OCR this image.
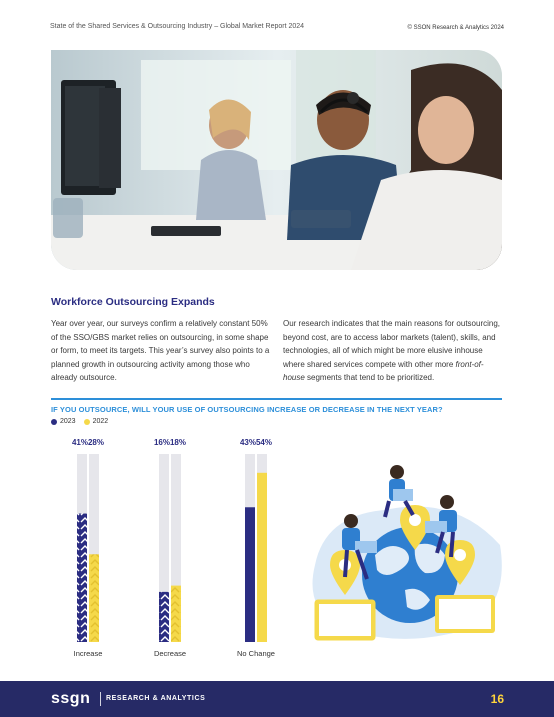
State of the Shared Services & Outsourcing Industry – Global Market Report 2024	© SSON Research & Analytics 2024
Workforce Outsourcing Expands
Year over year, our surveys confirm a relatively constant 50% of the SSO/GBS market relies on outsourcing, in some shape or form, to meet its targets. This year’s survey also points to a planned growth in outsourcing activity among those who already outsource.
Our research indicates that the main reasons for outsourcing, beyond cost, are to access labor markets (talent), skills, and technologies, all of which might be more elusive inhouse where shared services compete with other more front-of-house segments that tend to be prioritized.
IF YOU OUTSOURCE, WILL YOUR USE OF OUTSOURCING INCREASE OR DECREASE IN THE NEXT YEAR?
2023 2022
41% 28%
Increase
16% 18%
Decrease
43% 54%
No Change
ssgn RESEARCH & ANALYTICS	16
